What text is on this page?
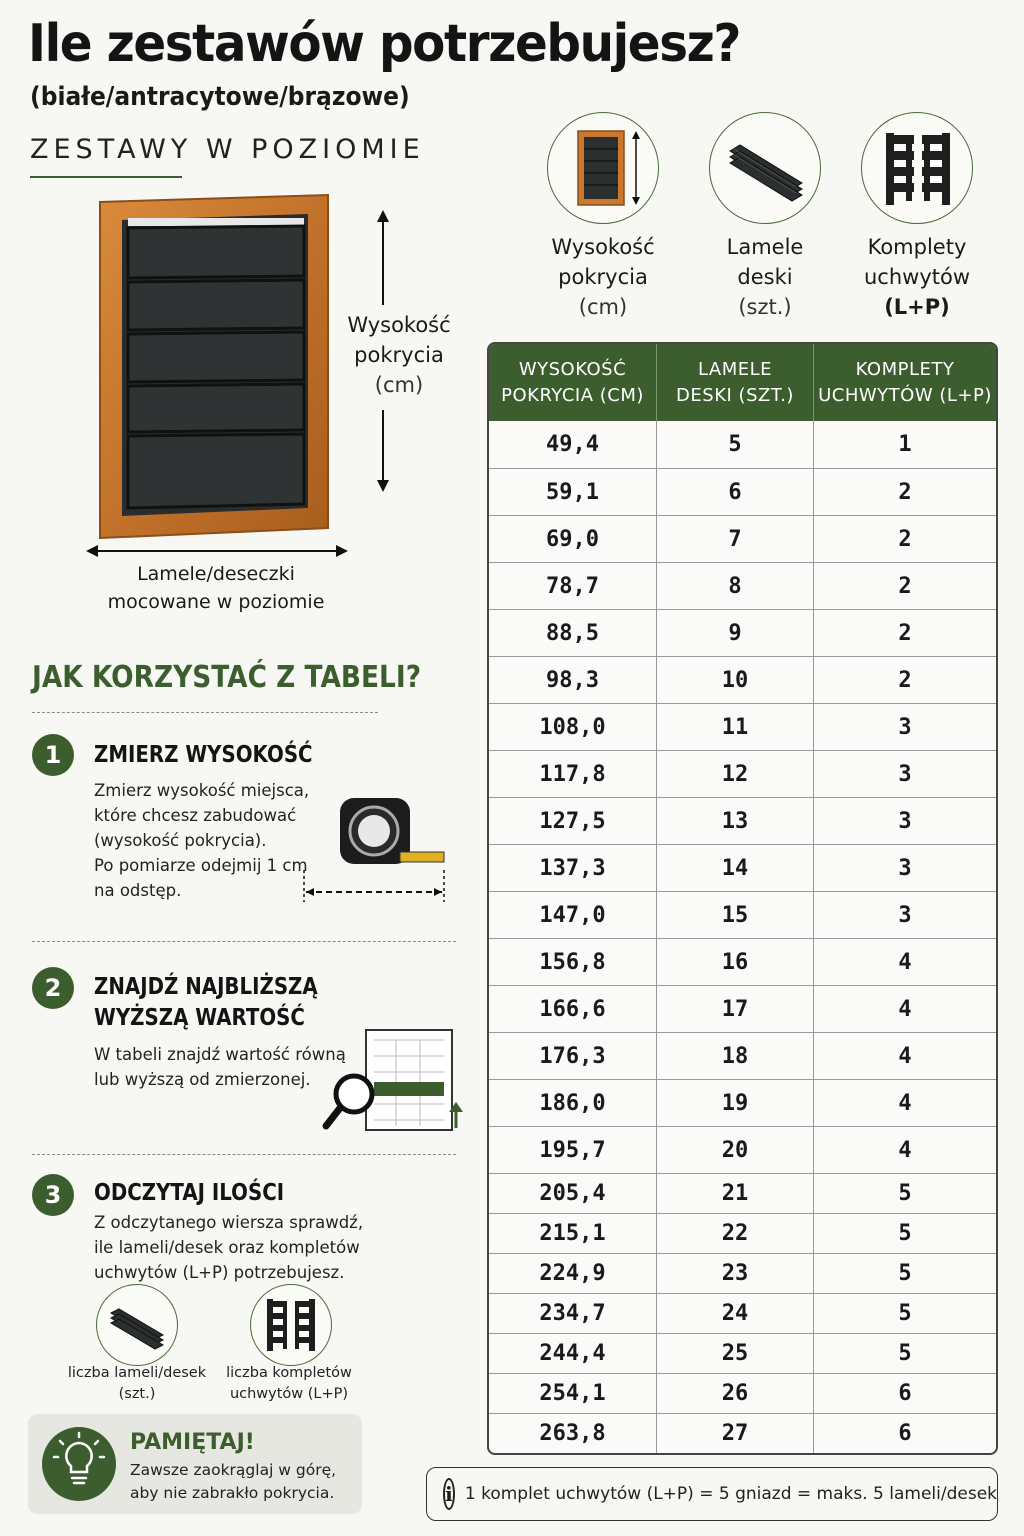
Ile zestawów potrzebujesz?
(białe/antracytowe/brązowe)
ZESTAWY W POZIOMIE
Wysokość
pokrycia
(cm)
Lamele/deseczki
mocowane w poziomie
Wysokość
pokrycia
(cm)
Lamele
deski
(szt.)
Komplety
uchwytów
(L+P)
WYSOKOŚĆ
POKRYCIA (CM)
LAMELE
DESKI (SZT.)
KOMPLETY
UCHWYTÓW (L+P)
49,4	5	1
59,1	6	2
69,0	7	2
78,7	8	2
88,5	9	2
98,3	10	2
108,0	11	3
117,8	12	3
127,5	13	3
137,3	14	3
147,0	15	3
156,8	16	4
166,6	17	4
176,3	18	4
186,0	19	4
195,7	20	4
205,4	21	5
215,1	22	5
224,9	23	5
234,7	24	5
244,4	25	5
254,1	26	6
263,8	27	6
JAK KORZYSTAĆ Z TABELI?
1	ZMIERZ WYSOKOŚĆ
Zmierz wysokość miejsca,
które chcesz zabudować
(wysokość pokrycia).
Po pomiarze odejmij 1 cm
na odstęp.
2	ZNAJDŹ NAJBLIŻSZĄ
WYŻSZĄ WARTOŚĆ
W tabeli znajdź wartość równą
lub wyższą od zmierzonej.
3	ODCZYTAJ ILOŚCI
Z odczytanego wiersza sprawdź,
ile lameli/desek oraz kompletów
uchwytów (L+P) potrzebujesz.
liczba lameli/desek
(szt.)
liczba kompletów
uchwytów (L+P)
PAMIĘTAJ!
Zawsze zaokrąglaj w górę,
aby nie zabrakło pokrycia.	i 1 komplet uchwytów (L+P) = 5 gniazd = maks. 5 lameli/desek
